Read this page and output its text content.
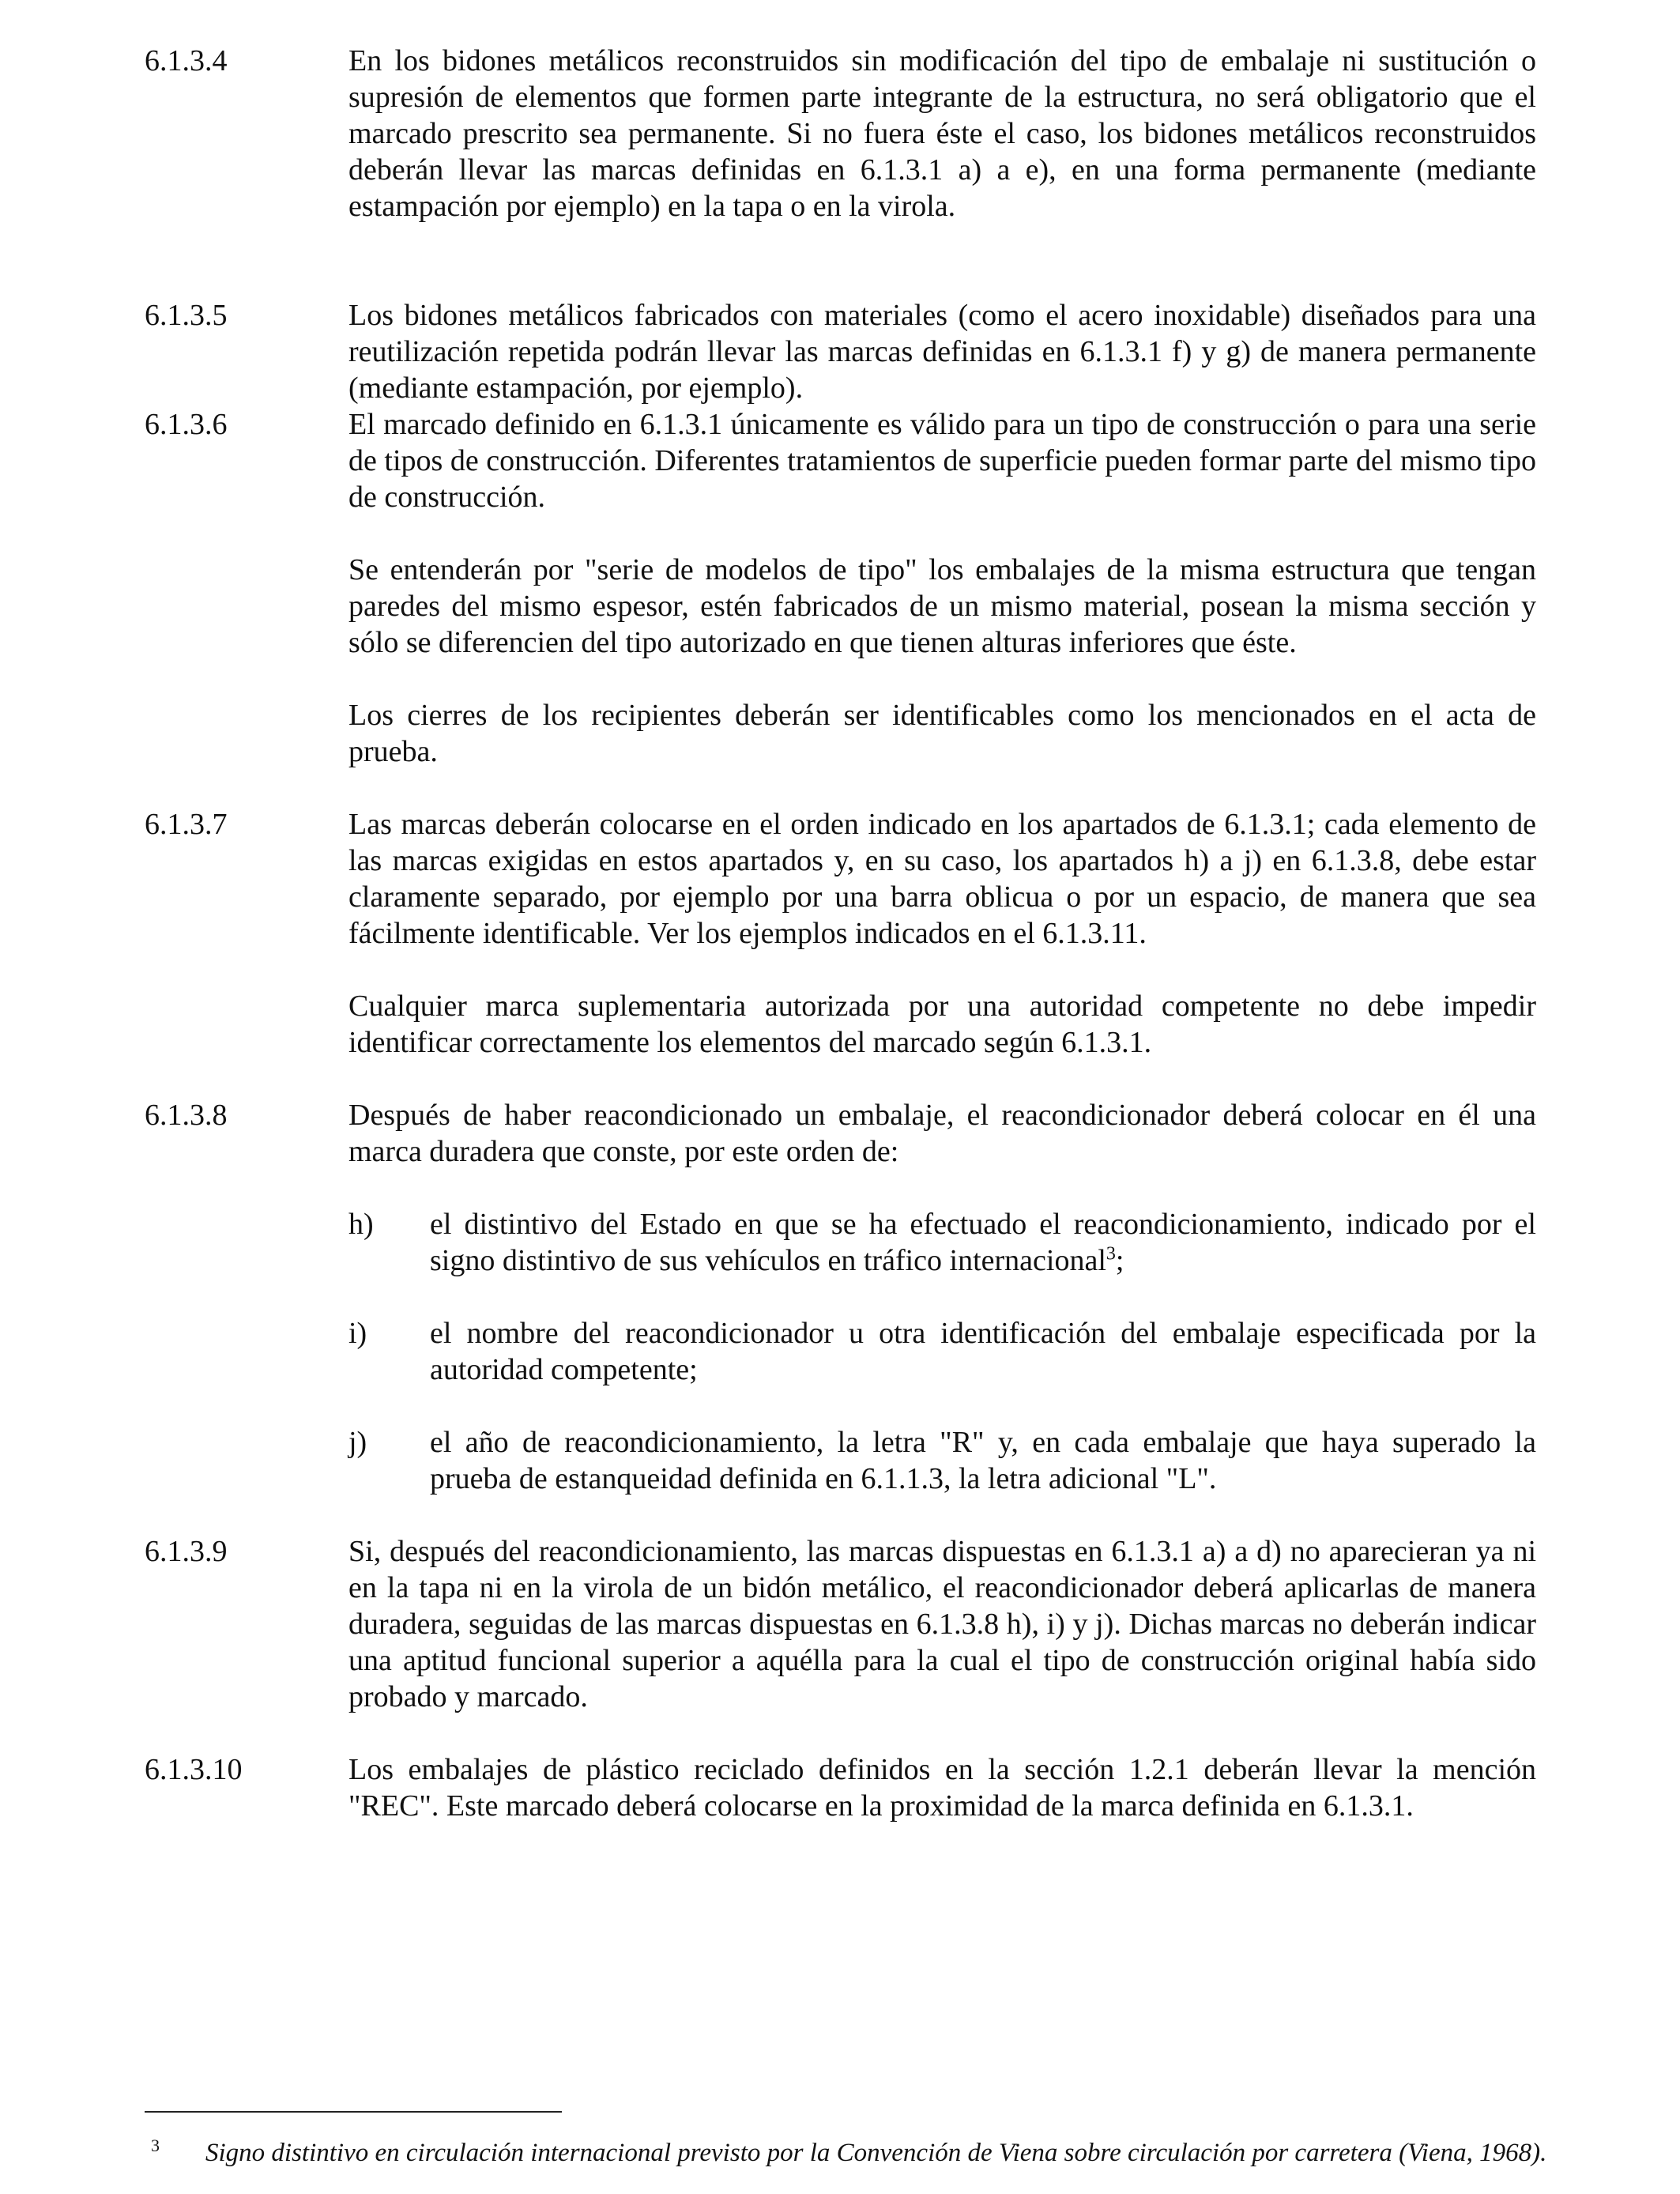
6.1.3.4	En los bidones metálicos reconstruidos sin modificación del tipo de embalaje ni sustitución o supresión de elementos que formen parte integrante de la estructura, no será obligatorio que el marcado prescrito sea permanente. Si no fuera éste el caso, los bidones metálicos reconstruidos deberán llevar las marcas definidas en 6.1.3.1 a) a e), en una forma permanente (mediante estampación por ejemplo) en la tapa o en la virola.

6.1.3.5	Los bidones metálicos fabricados con materiales (como el acero inoxidable) diseñados para una reutilización repetida podrán llevar las marcas definidas en 6.1.3.1 f) y g) de manera permanente (mediante estampación, por ejemplo).

6.1.3.6	El marcado definido en 6.1.3.1 únicamente es válido para un tipo de construcción o para una serie de tipos de construcción. Diferentes tratamientos de superficie pueden formar parte del mismo tipo de construcción.

Se entenderán por "serie de modelos de tipo" los embalajes de la misma estructura que tengan paredes del mismo espesor, estén fabricados de un mismo material, posean la misma sección y sólo se diferencien del tipo autorizado en que tienen alturas inferiores que éste.

Los cierres de los recipientes deberán ser identificables como los mencionados en el acta de prueba.

6.1.3.7	Las marcas deberán colocarse en el orden indicado en los apartados de 6.1.3.1; cada elemento de las marcas exigidas en estos apartados y, en su caso, los apartados h) a j) en 6.1.3.8, debe estar claramente separado, por ejemplo por una barra oblicua o por un espacio, de manera que sea fácilmente identificable. Ver los ejemplos indicados en el 6.1.3.11.

Cualquier marca suplementaria autorizada por una autoridad competente no debe impedir identificar correctamente los elementos del marcado según 6.1.3.1.

6.1.3.8	Después de haber reacondicionado un embalaje, el reacondicionador deberá colocar en él una marca duradera que conste, por este orden de:

h) el distintivo del Estado en que se ha efectuado el reacondicionamiento, indicado por el signo distintivo de sus vehículos en tráfico internacional$^3$;
i) el nombre del reacondicionador u otra identificación del embalaje especificada por la autoridad competente;
j) el año de reacondicionamiento, la letra "R" y, en cada embalaje que haya superado la prueba de estanqueidad definida en 6.1.1.3, la letra adicional "L".
6.1.3.9	Si, después del reacondicionamiento, las marcas dispuestas en 6.1.3.1 a) a d) no aparecieran ya ni en la tapa ni en la virola de un bidón metálico, el reacondicionador deberá aplicarlas de manera duradera, seguidas de las marcas dispuestas en 6.1.3.8 h), i) y j). Dichas marcas no deberán indicar una aptitud funcional superior a aquélla para la cual el tipo de construcción original había sido probado y marcado.

6.1.3.10	Los embalajes de plástico reciclado definidos en la sección 1.2.1 deberán llevar la mención "REC". Este marcado deberá colocarse en la proximidad de la marca definida en 6.1.3.1.

3 Signo distintivo en circulación internacional previsto por la Convención de Viena sobre circulación por carretera (Viena, 1968).
